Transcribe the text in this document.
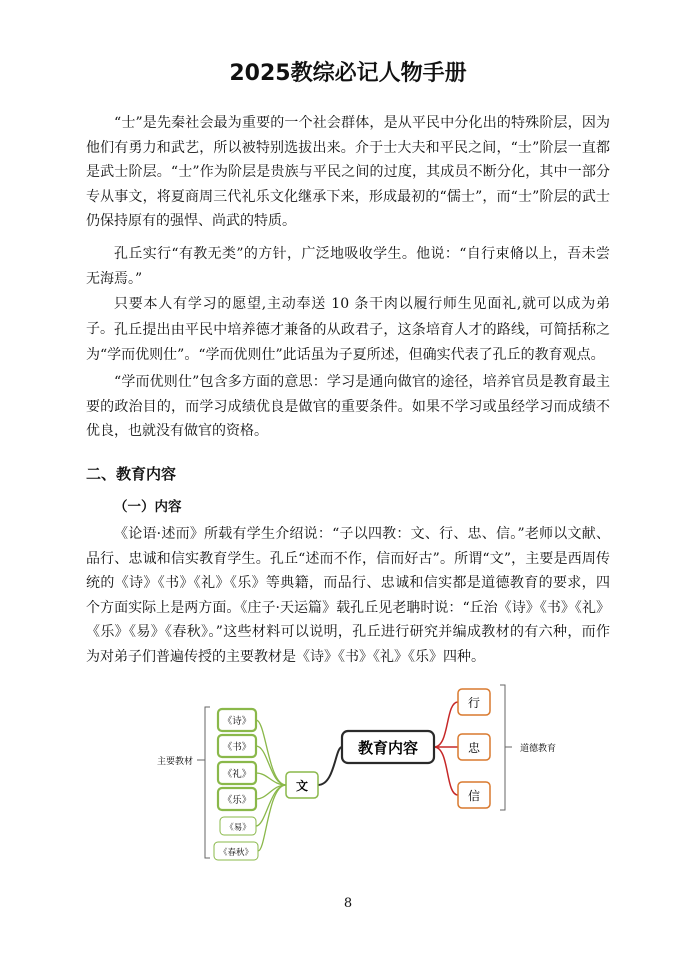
2025教综必记人物手册

“士”是先秦社会最为重要的一个社会群体，是从平民中分化出的特殊阶层，因为他们有勇力和武艺，所以被特别选拔出来。介于士大夫和平民之间，“士”阶层一直都是武士阶层。“士”作为阶层是贵族与平民之间的过度，其成员不断分化，其中一部分专从事文，将夏商周三代礼乐文化继承下来，形成最初的“儒士”，而“士”阶层的武士仍保持原有的强悍、尚武的特质。

孔丘实行“有教无类”的方针，广泛地吸收学生。他说：“自行束脩以上，吾未尝无海焉。”

只要本人有学习的愿望,主动奉送 10 条干肉以履行师生见面礼,就可以成为弟子。 孔丘提出由平民中培养德才兼备的从政君子，这条培育人才的路线，可简括称之为“学而优则仕”。“学而优则仕”此话虽为子夏所述，但确实代表了孔丘的教育观点。

“学而优则仕”包含多方面的意思：学习是通向做官的途径，培养官员是教育最主要的政治目的，而学习成绩优良是做官的重要条件。如果不学习或虽经学习而成绩不优良，也就没有做官的资格。

二、教育内容
（一）内容

《论语·述而》所载有学生介绍说：“子以四教：文、行、忠、信。”老师以文献、品行、忠诚和信实教育学生。孔丘“述而不作，信而好古”。所谓“文”，主要是西周传统的《诗》《书》《礼》《乐》等典籍，而品行、忠诚和信实都是道德教育的要求，四个方面实际上是两方面。《庄子·天运篇》载孔丘见老聃时说：“丘治《诗》《书》《礼》《乐》《易》《春秋》。”这些材料可以说明，孔丘进行研究并编成教材的有六种，而作为对弟子们普遍传授的主要教材是《诗》《书》《礼》《乐》四种。

主要教材
道德教育
《诗》
《书》
《礼》
《乐》
《易》
《春秋》
文
教育内容
行
忠
信
8
